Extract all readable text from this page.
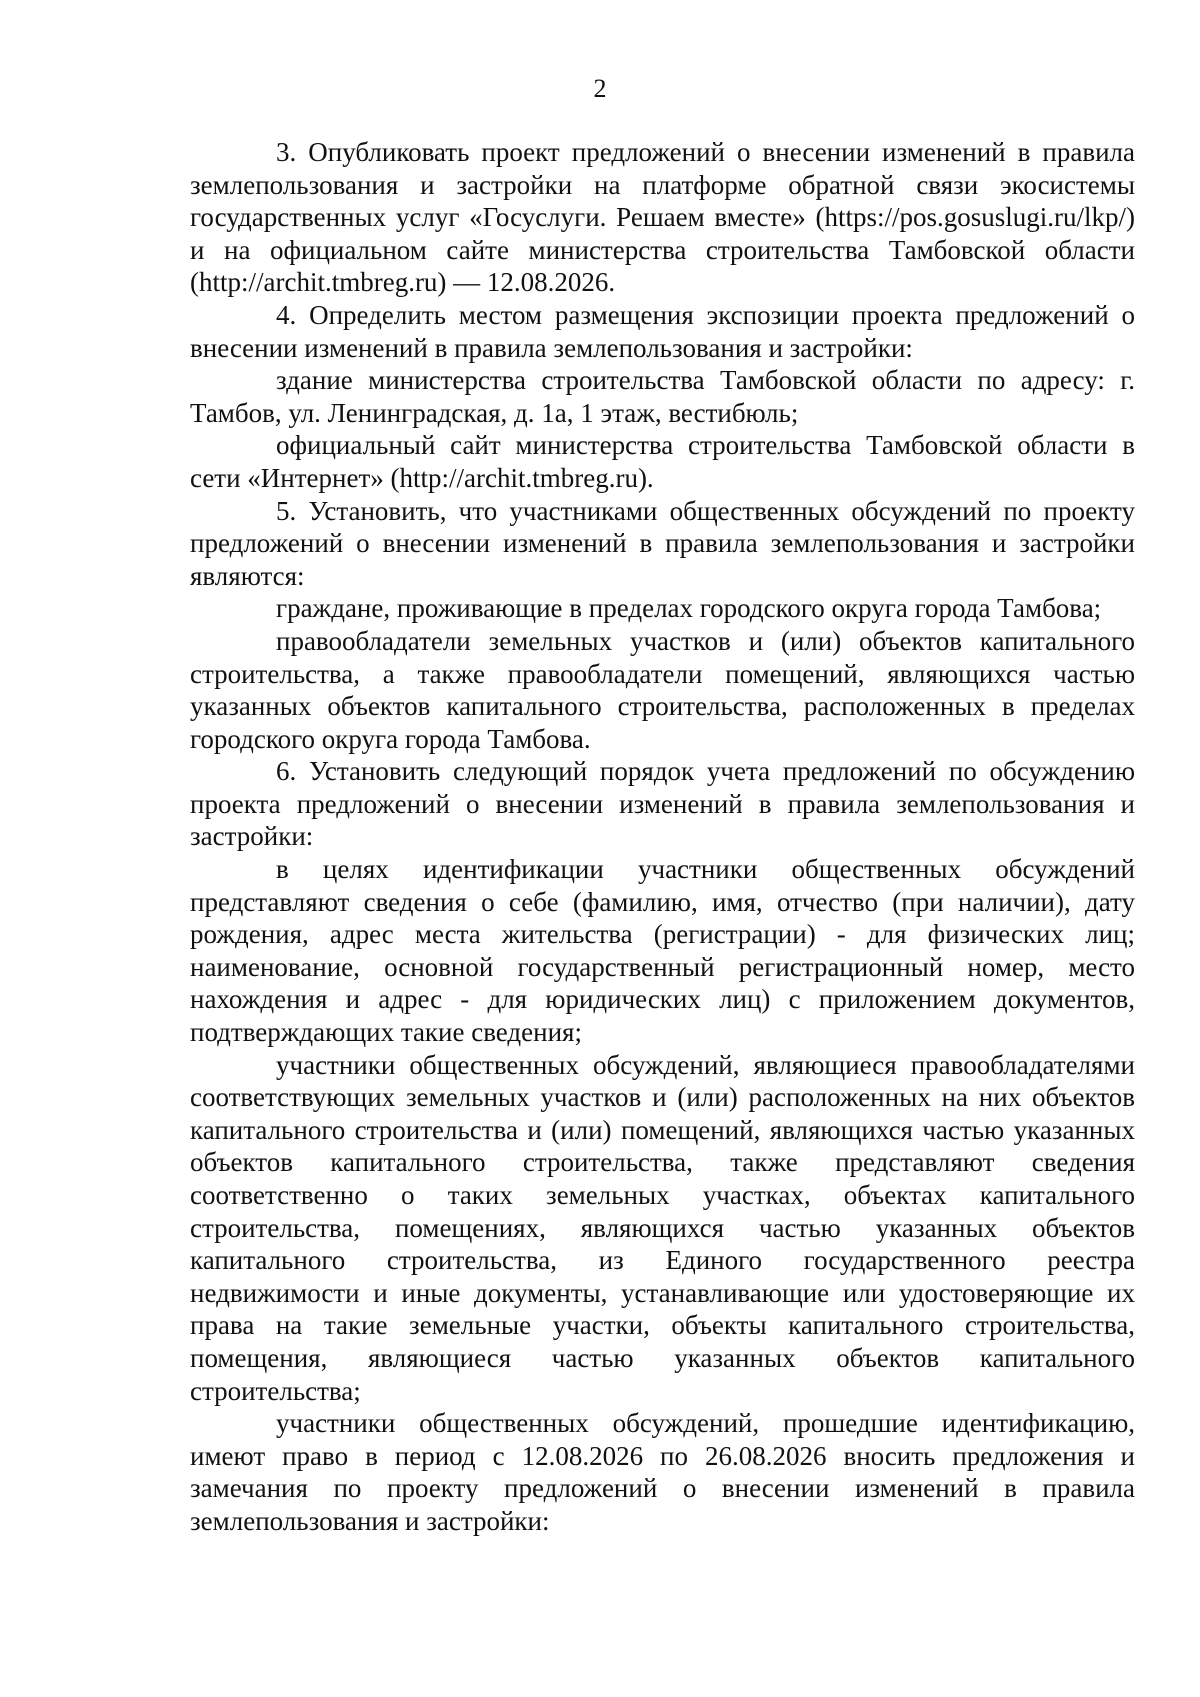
2

3. Опубликовать проект предложений о внесении изменений в правила землепользования и застройки на платформе обратной связи экосистемы государственных услуг «Госуслуги. Решаем вместе» (https://pos.gosuslugi.ru/lkp/) и на официальном сайте министерства строительства Тамбовской области (http://archit.tmbreg.ru) — 12.08.2026.

4. Определить местом размещения экспозиции проекта предложений о внесении изменений в правила землепользования и застройки:

здание министерства строительства Тамбовской области по адресу: г. Тамбов, ул. Ленинградская, д. 1а, 1 этаж, вестибюль;

официальный сайт министерства строительства Тамбовской области в сети «Интернет» (http://archit.tmbreg.ru).

5. Установить, что участниками общественных обсуждений по проекту предложений о внесении изменений в правила землепользования и застройки являются:

граждане, проживающие в пределах городского округа города Тамбова;

правообладатели земельных участков и (или) объектов капитального строительства, а также правообладатели помещений, являющихся частью указанных объектов капитального строительства, расположенных в пределах городского округа города Тамбова.

6. Установить следующий порядок учета предложений по обсуждению проекта предложений о внесении изменений в правила землепользования и застройки:

в целях идентификации участники общественных обсуждений представляют сведения о себе (фамилию, имя, отчество (при наличии), дату рождения, адрес места жительства (регистрации) - для физических лиц; наименование, основной государственный регистрационный номер, место нахождения и адрес - для юридических лиц) с приложением документов, подтверждающих такие сведения;

участники общественных обсуждений, являющиеся правообладателями соответствующих земельных участков и (или) расположенных на них объектов капитального строительства и (или) помещений, являющихся частью указанных объектов капитального строительства, также представляют сведения соответственно о таких земельных участках, объектах капитального строительства, помещениях, являющихся частью указанных объектов капитального строительства, из Единого государственного реестра недвижимости и иные документы, устанавливающие или удостоверяющие их права на такие земельные участки, объекты капитального строительства, помещения, являющиеся частью указанных объектов капитального строительства;

участники общественных обсуждений, прошедшие идентификацию, имеют право в период с 12.08.2026 по 26.08.2026 вносить предложения и замечания по проекту предложений о внесении изменений в правила землепользования и застройки:
